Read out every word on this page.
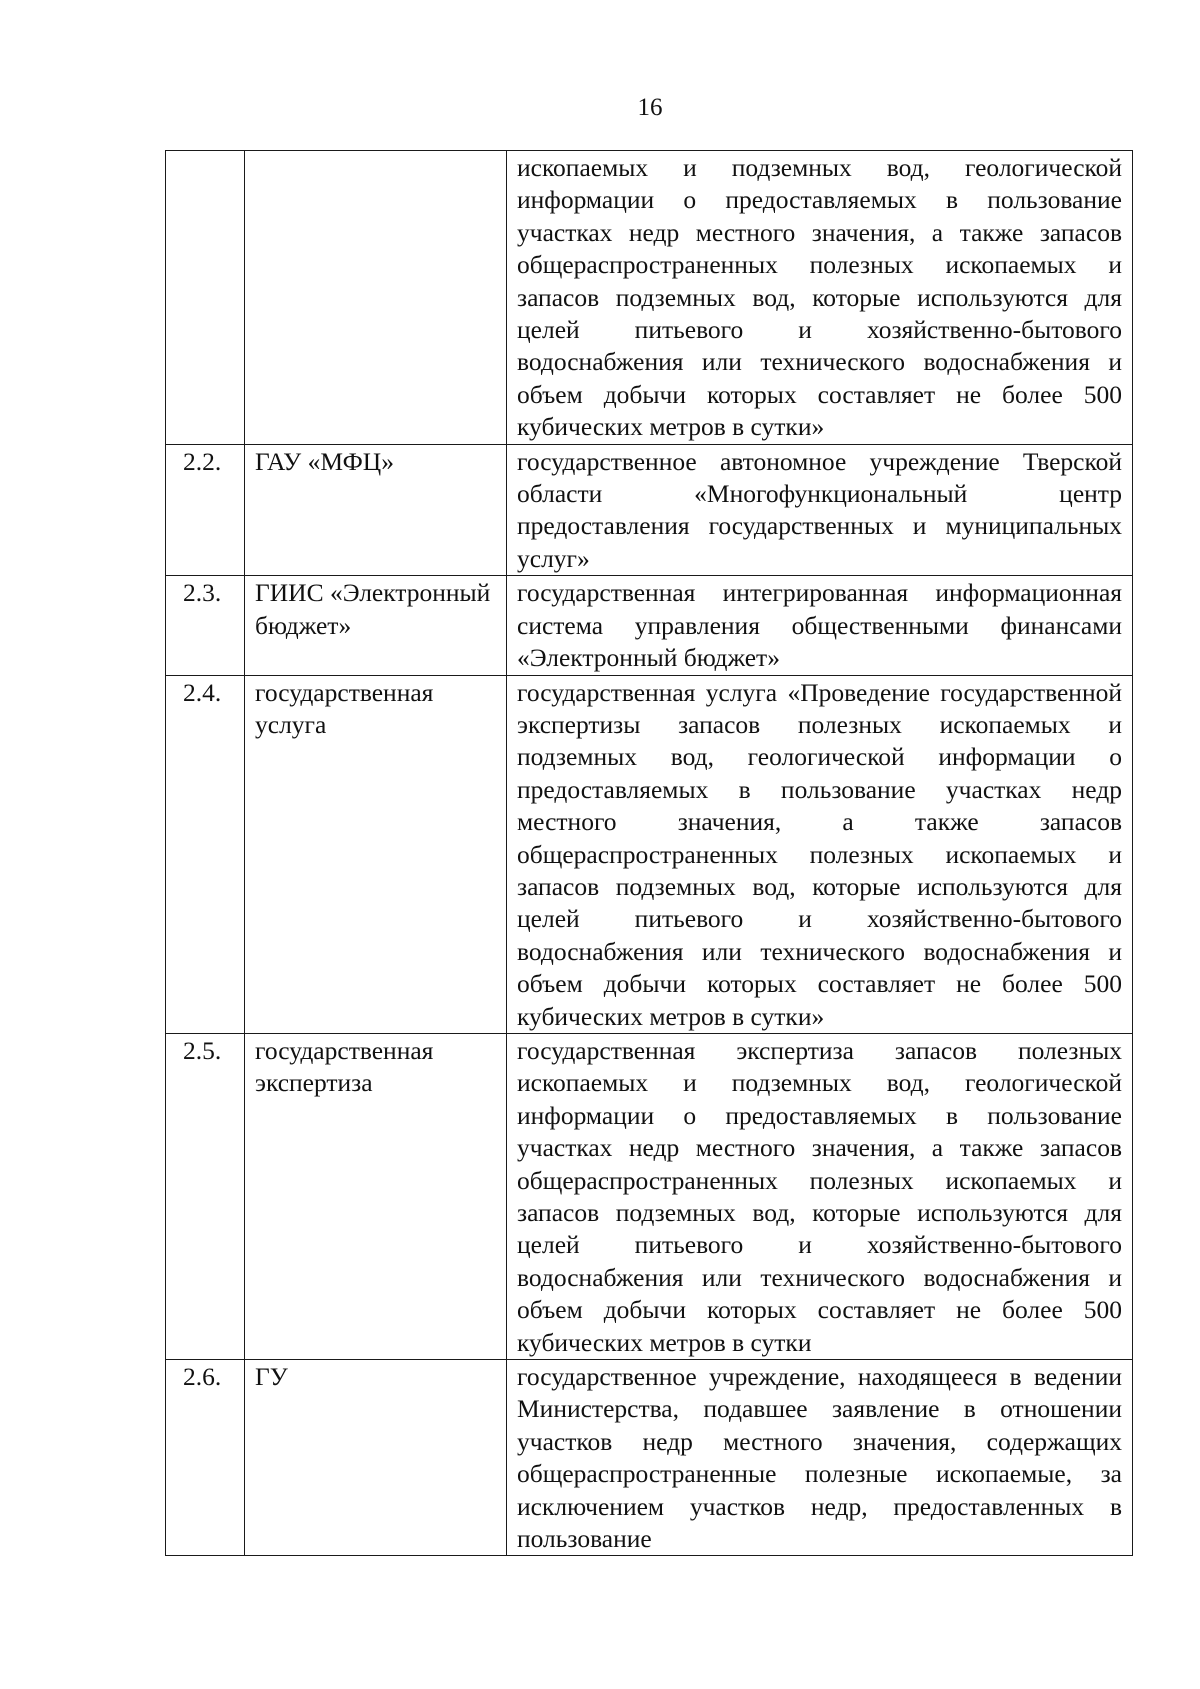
16
		ископаемых и подземных вод, геологической информации о предоставляемых в пользование участках недр местного значения, а также запасов общераспространенных полезных ископаемых и запасов подземных вод, которые используются для целей питьевого и хозяйственно-бытового водоснабжения или технического водоснабжения и объем добычи которых составляет не более 500 кубических метров в сутки»
2.2.	ГАУ «МФЦ»	государственное автономное учреждение Тверской области «Многофункциональный центр предоставления государственных и муниципальных услуг»
2.3.	ГИИС «Электронный бюджет»	государственная интегрированная информационная система управления общественными финансами «Электронный бюджет»
2.4.	государственная услуга	государственная услуга «Проведение государственной экспертизы запасов полезных ископаемых и подземных вод, геологической информации о предоставляемых в пользование участках недр местного значения, а также запасов общераспространенных полезных ископаемых и запасов подземных вод, которые используются для целей питьевого и хозяйственно-бытового водоснабжения или технического водоснабжения и объем добычи которых составляет не более 500 кубических метров в сутки»
2.5.	государственная экспертиза	государственная экспертиза запасов полезных ископаемых и подземных вод, геологической информации о предоставляемых в пользование участках недр местного значения, а также запасов общераспространенных полезных ископаемых и запасов подземных вод, которые используются для целей питьевого и хозяйственно-бытового водоснабжения или технического водоснабжения и объем добычи которых составляет не более 500 кубических метров в сутки
2.6.	ГУ	государственное учреждение, находящееся в ведении Министерства, подавшее заявление в отношении участков недр местного значения, содержащих общераспространенные полезные ископаемые, за исключением участков недр, предоставленных в пользование
